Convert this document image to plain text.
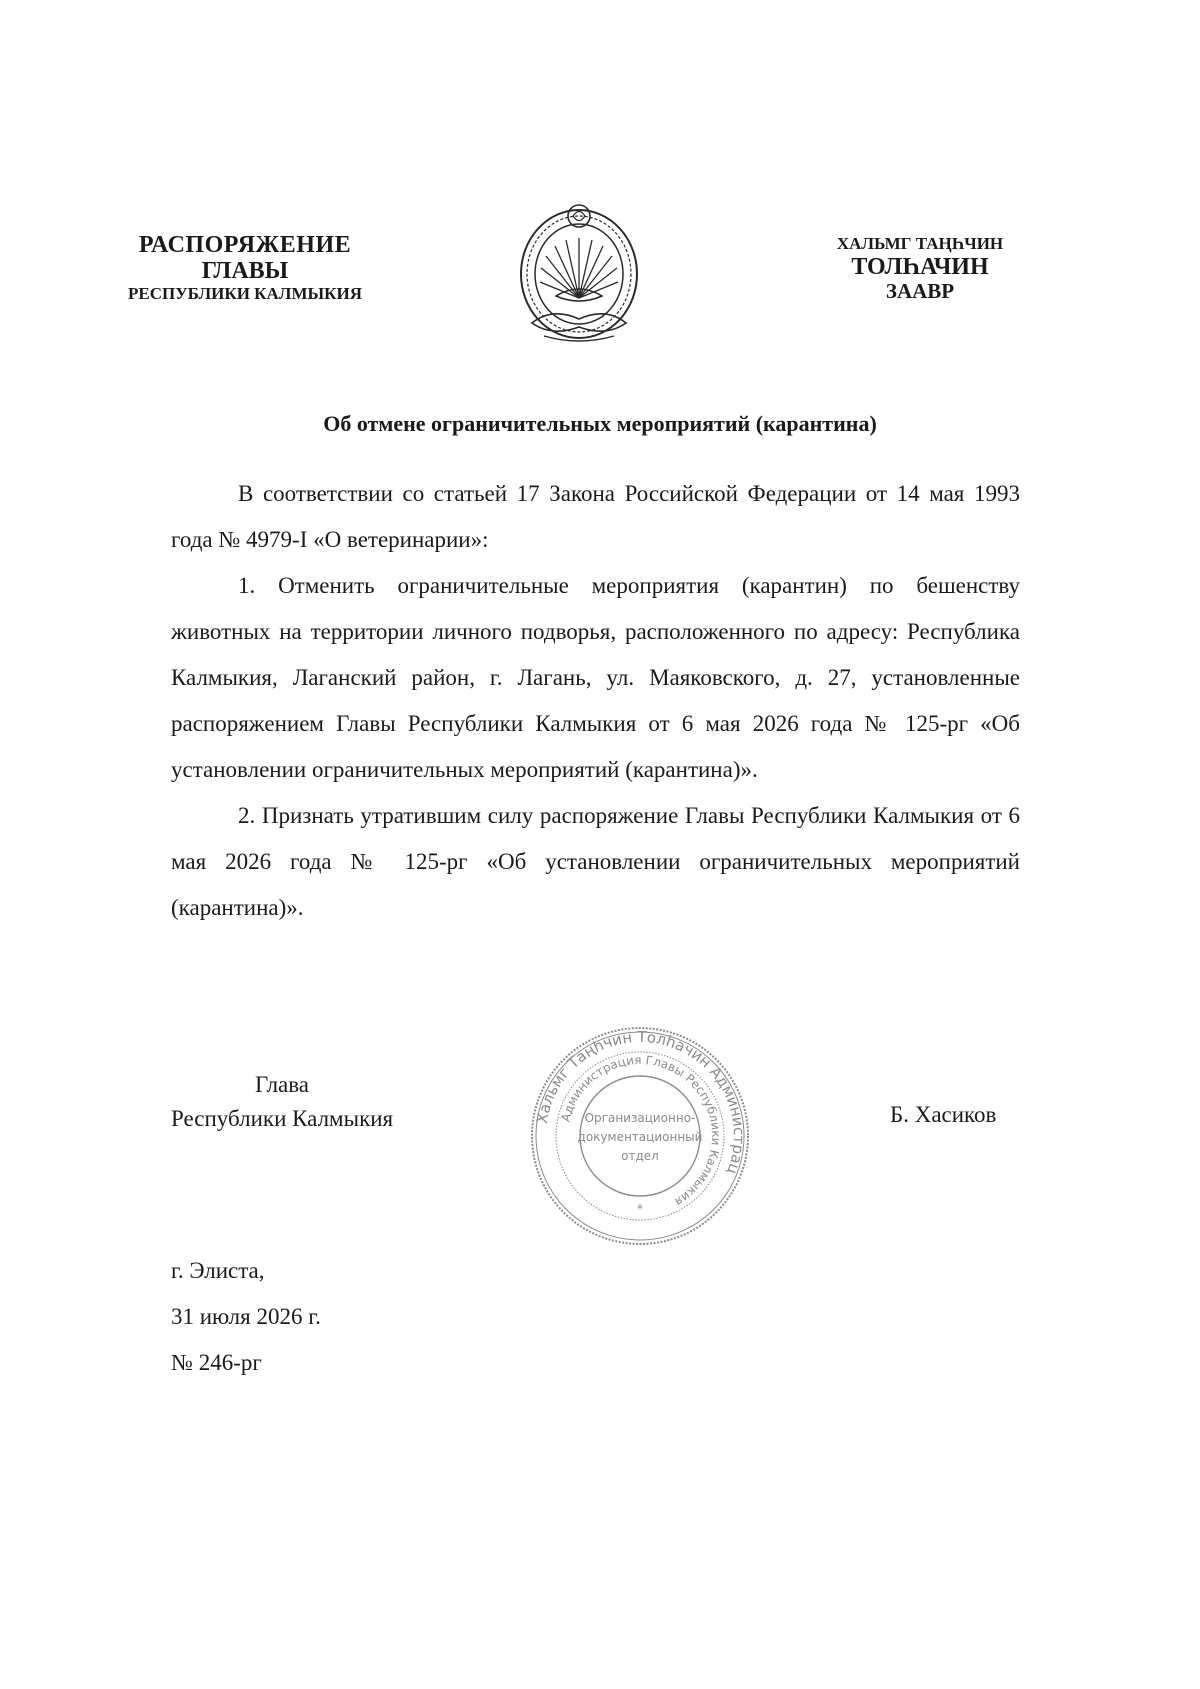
РАСПОРЯЖЕНИЕ
ГЛАВЫ
РЕСПУБЛИКИ КАЛМЫКИЯ
ХАЛЬМГ ТАҢҺЧИН
ТОЛҺАЧИН
ЗААВР
Об отмене ограничительных мероприятий (карантина)

В соответствии со статьей 17 Закона Российской Федерации от 14 мая 1993 года № 4979-I «О ветеринарии»:

1. Отменить ограничительные мероприятия (карантин) по бешенству животных на территории личного подворья, расположенного по адресу: Республика Калмыкия, Лаганский район, г. Лагань, ул. Маяковского, д. 27, установленные распоряжением Главы Республики Калмыкия от 6 мая 2026 года № 125-рг «Об установлении ограничительных мероприятий (карантина)».

2. Признать утратившим силу распоряжение Главы Республики Калмыкия от 6 мая 2026 года № 125-рг «Об установлении ограничительных мероприятий (карантина)».

Глава
Республики Калмыкия	Хальмг Таңһчин Толһачин Администрац
Администрация Главы Республики Калмыкия
Организационно-
документационный
отдел
*
Б. Хасиков
г. Элиста,
31 июля 2026 г.
№ 246-рг
